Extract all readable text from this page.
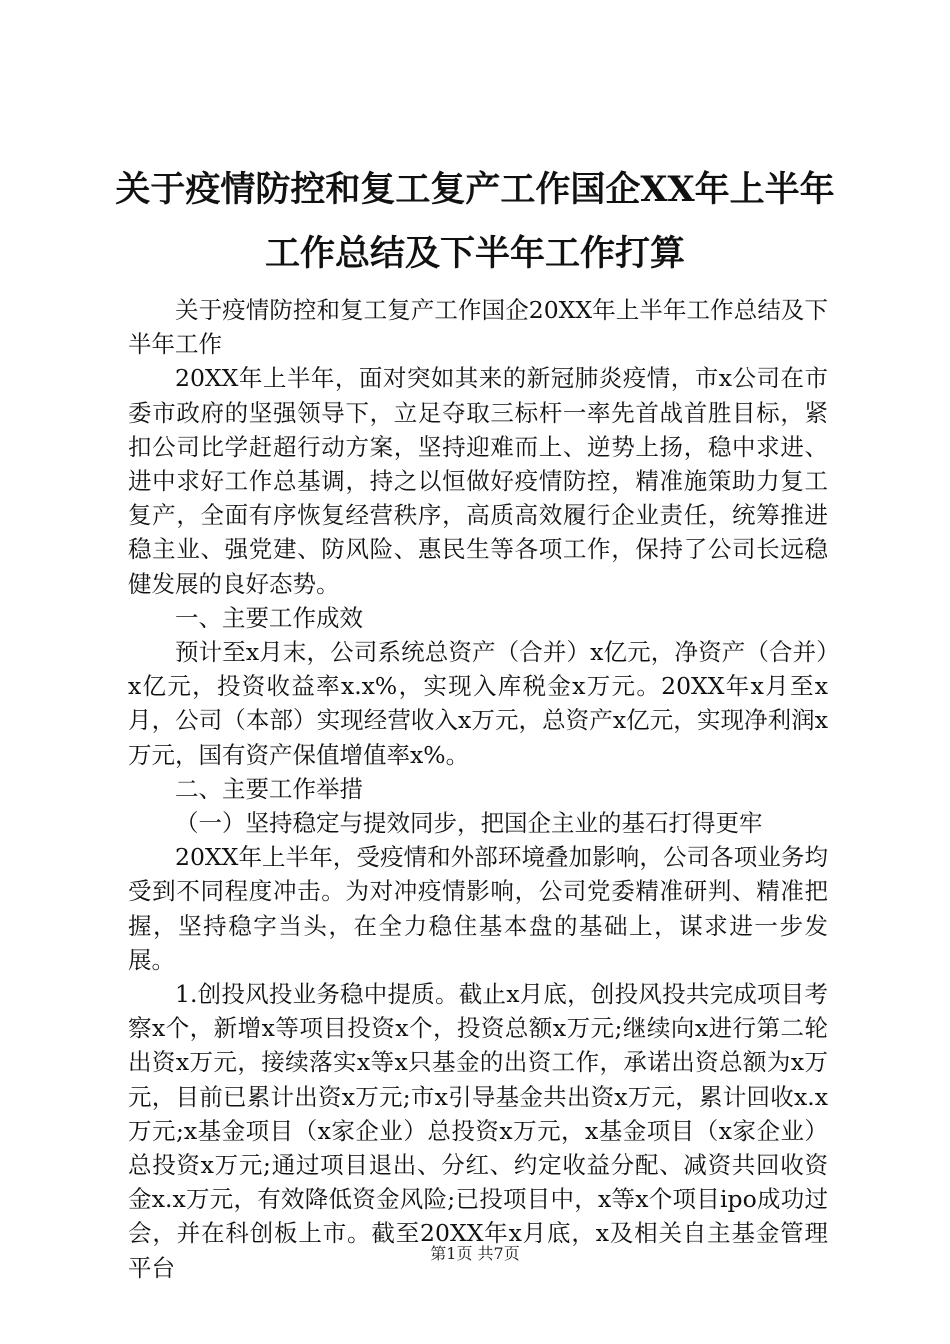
关于疫情防控和复工复产工作国企XX年上半年工作总结及下半年工作打算

关于疫情防控和复工复产工作国企20XX年上半年工作总结及下半年工作

20XX年上半年，面对突如其来的新冠肺炎疫情，市x公司在市委市政府的坚强领导下，立足夺取三标杆一率先首战首胜目标，紧扣公司比学赶超行动方案，坚持迎难而上、逆势上扬，稳中求进、进中求好工作总基调，持之以恒做好疫情防控，精准施策助力复工复产，全面有序恢复经营秩序，高质高效履行企业责任，统筹推进稳主业、强党建、防风险、惠民生等各项工作，保持了公司长远稳健发展的良好态势。

一、主要工作成效

预计至x月末，公司系统总资产（合并）x亿元，净资产（合并）x亿元，投资收益率x.x%，实现入库税金x万元。20XX年x月至x月，公司（本部）实现经营收入x万元，总资产x亿元，实现净利润x万元，国有资产保值增值率x%。

二、主要工作举措

（一）坚持稳定与提效同步，把国企主业的基石打得更牢

20XX年上半年，受疫情和外部环境叠加影响，公司各项业务均受到不同程度冲击。为对冲疫情影响，公司党委精准研判、精准把握，坚持稳字当头，在全力稳住基本盘的基础上，谋求进一步发展。

1.创投风投业务稳中提质。截止x月底，创投风投共完成项目考察x个，新增x等项目投资x个，投资总额x万元;继续向x进行第二轮出资x万元，接续落实x等x只基金的出资工作，承诺出资总额为x万元，目前已累计出资x万元;市x引导基金共出资x万元，累计回收x.x万元;x基金项目（x家企业）总投资x万元，x基金项目（x家企业）总投资x万元;通过项目退出、分红、约定收益分配、减资共回收资金x.x万元，有效降低资金风险;已投项目中，x等x个项目ipo成功过会，并在科创板上市。截至20XX年x月底，x及相关自主基金管理平台

第1页 共7页
